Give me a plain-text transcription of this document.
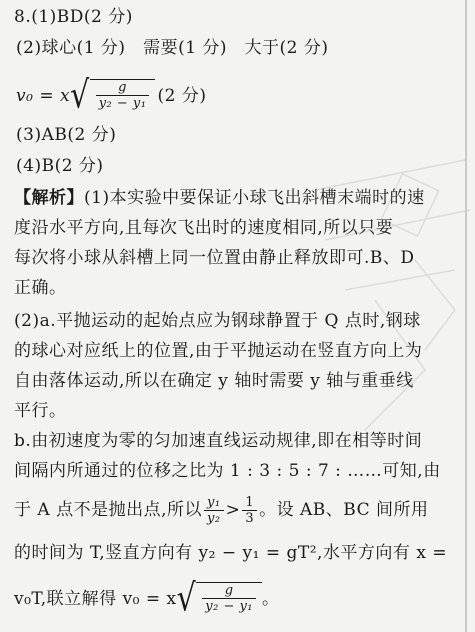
8.(1)BD(2 分)
(2)球心(1 分)　需要(1 分)　大于(2 分)
v₀ = x √ $\frac{g}{\text{y₂ − y₁}} (2$ 分)
(3)AB(2 分)
(4)B(2 分)
【解析】(1)本实验中要保证小球飞出斜槽末端时的速
度沿水平方向,且每次飞出时的速度相同,所以只要
每次将小球从斜槽上同一位置由静止释放即可.B、D
正确。
(2)a.平抛运动的起始点应为钢球静置于 Q 点时,钢球
的球心对应纸上的位置,由于平抛运动在竖直方向上为
自由落体运动,所以在确定 y 轴时需要 y 轴与重垂线
平行。
b.由初速度为零的匀加速直线运动规律,即在相等时间
间隔内所通过的位移之比为 1 : 3 : 5 : 7 : ……可知,由
于 A 点不是抛出点,所以 $\frac{\text{y₁}}{\text{y₂}} > \frac{1}{3}$ 。设 AB、BC 间所用
的时间为 T,竖直方向有 y₂ − y₁ = gT²,水平方向有 x =
v₀T,联立解得 v₀ = x √ $\frac{g}{\text{y₂ − y₁}}$ 。
